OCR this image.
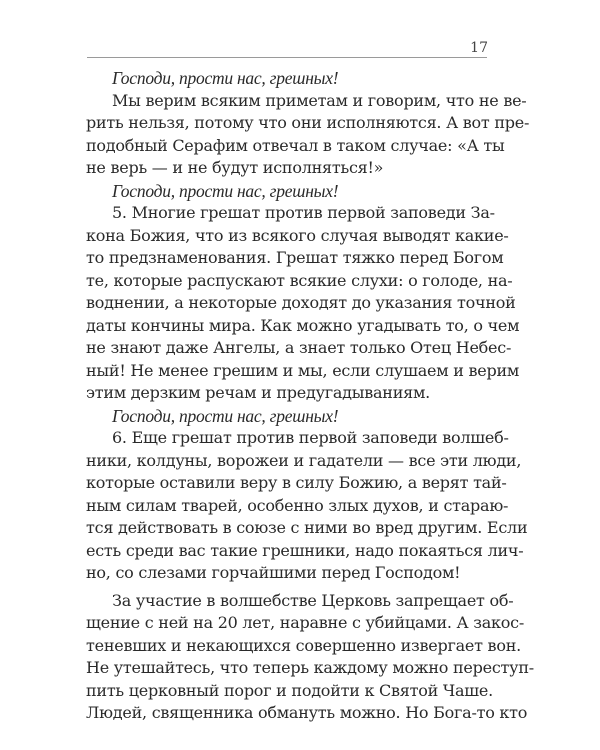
17
Господи, прости нас, грешных!
Мы верим всяким приметам и говорим, что не ве-
рить нельзя, потому что они исполняются. А вот пре-
подобный Серафим отвечал в таком случае: «А ты
не верь — и не будут исполняться!»
Господи, прости нас, грешных!
5. Многие грешат против первой заповеди За-
кона Божия, что из всякого случая выводят какие-
то предзнаменования. Грешат тяжко перед Богом
те, которые распускают всякие слухи: о голоде, на-
воднении, а некоторые доходят до указания точной
даты кончины мира. Как можно угадывать то, о чем
не знают даже Ангелы, а знает только Отец Небес-
ный! Не менее грешим и мы, если слушаем и верим
этим дерзким речам и предугадываниям.
Господи, прости нас, грешных!
6. Еще грешат против первой заповеди волшеб-
ники, колдуны, ворожеи и гадатели — все эти люди,
которые оставили веру в силу Божию, а верят тай-
ным силам тварей, особенно злых духов, и стараю-
тся действовать в союзе с ними во вред другим. Если
есть среди вас такие грешники, надо покаяться лич-
но, со слезами горчайшими перед Господом!
За участие в волшебстве Церковь запрещает об-
щение с ней на 20 лет, наравне с убийцами. А закос-
теневших и некающихся совершенно извергает вон.
Не утешайтесь, что теперь каждому можно переступ-
пить церковный порог и подойти к Святой Чаше.
Людей, священника обмануть можно. Но Бога-то кто
